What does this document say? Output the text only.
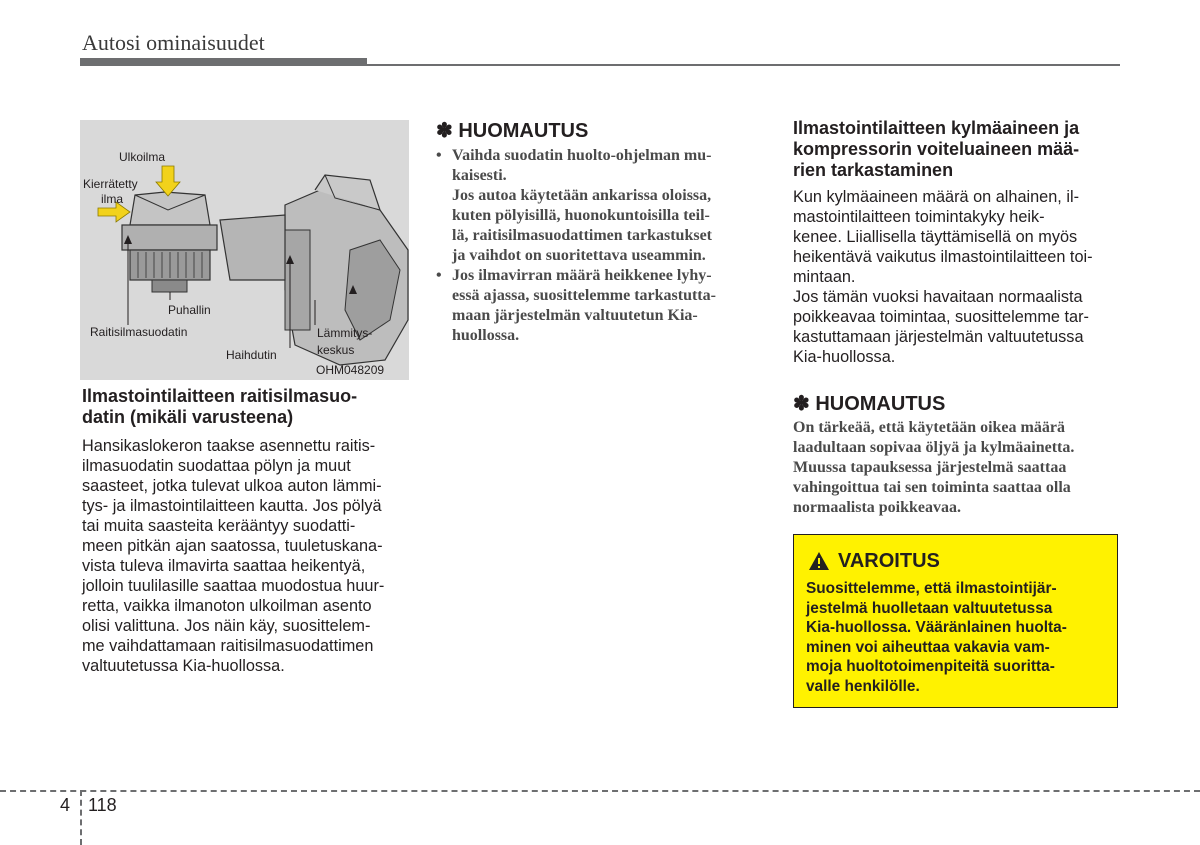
Autosi ominaisuudet
Ulkoilma
Kierrätetty
ilma
Puhallin
Raitisilmasuodatin
Haihdutin
Lämmitys-
keskus
OHM048209
Ilmastointilaitteen raitisilmasuo-
datin (mikäli varusteena)
Hansikaslokeron taakse asennettu raitis-
ilmasuodatin suodattaa pölyn ja muut
saasteet, jotka tulevat ulkoa auton lämmi-
tys- ja ilmastointilaitteen kautta. Jos pölyä
tai muita saasteita kerääntyy suodatti-
meen pitkän ajan saatossa, tuuletuskana-
vista tuleva ilmavirta saattaa heikentyä,
jolloin tuulilasille saattaa muodostua huur-
retta, vaikka ilmanoton ulkoilman asento
olisi valittuna. Jos näin käy, suosittelem-
me vaihdattamaan raitisilmasuodattimen
valtuutetussa Kia-huollossa.
✽ HUOMAUTUS
• Vaihda suodatin huolto-ohjelman mu-
kaisesti.
Jos autoa käytetään ankarissa oloissa,
kuten pölyisillä, huonokuntoisilla teil-
lä, raitisilmasuodattimen tarkastukset
ja vaihdot on suoritettava useammin.
• Jos ilmavirran määrä heikkenee lyhy-
essä ajassa, suosittelemme tarkastutta-
maan järjestelmän valtuutetun Kia-
huollossa.
Ilmastointilaitteen kylmäaineen ja
kompressorin voiteluaineen mää-
rien tarkastaminen
Kun kylmäaineen määrä on alhainen, il-
mastointilaitteen toimintakyky heik-
kenee. Liiallisella täyttämisellä on myös
heikentävä vaikutus ilmastointilaitteen toi-
mintaan.
Jos tämän vuoksi havaitaan normaalista
poikkeavaa toimintaa, suosittelemme tar-
kastuttamaan järjestelmän valtuutetussa
Kia-huollossa.
✽ HUOMAUTUS
On tärkeää, että käytetään oikea määrä
laadultaan sopivaa öljyä ja kylmäainetta.
Muussa tapauksessa järjestelmä saattaa
vahingoittua tai sen toiminta saattaa olla
normaalista poikkeavaa.
VAROITUS
Suosittelemme, että ilmastointijär-
jestelmä huolletaan valtuutetussa
Kia-huollossa. Vääränlainen huolta-
minen voi aiheuttaa vakavia vam-
moja huoltotoimenpiteitä suoritta-
valle henkilölle.
4 118
